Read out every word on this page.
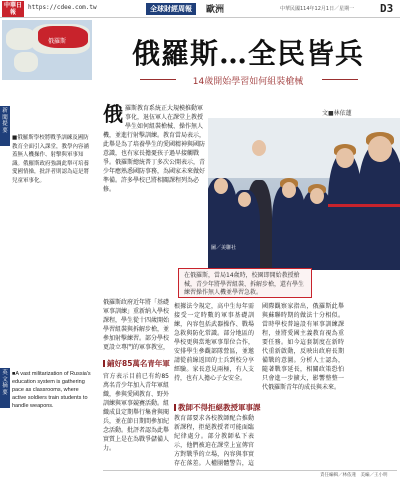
中華日報
https://cdee.com.tw	全球財經周報	歐洲	中華民國114年12月1日／星期一 D3
俄羅斯
新聞提要
■俄羅斯學校將戰爭訓練及國防教育全面引入課堂，教學內容涵蓋無人機操作、射擊與軍事知識。俄羅斯政府強調此舉可培養愛國情操，批評者則認為這是將兒童軍事化。
英文摘要
■A vast militarization of Russia's education system is gathering pace as classrooms, where active soldiers train students to handle weapons.
俄羅斯…全民皆兵
14歲開始學習如何組裝槍械
文■林依蓮
俄羅斯教育系統正大規模推動軍事化，退伍軍人在課堂上教授學生如何組裝槍械、操作無人機，並進行射擊訓練。教育當局表示，此舉是為了培養學生的愛國精神與國防意識，也有家長擔憂孩子過早接觸戰爭。俄羅斯總統普丁多次公開表示，青少年應熟悉國防事務，為國家未來做好準備。許多學校已將相關課程列為必修。
圖／美聯社
在俄羅斯，當局14歲時，校園即開始教授槍械，青少年將學習組裝、拆解步槍，還有學生練習操作無人機並學習急救。
俄羅斯政府近年將「基礎軍事訓練」重新納入學校課程，學生從十四歲開始學習組裝與拆解步槍，並參加射擊練習。部分學校更設立專門的軍事教室，
鋪好85萬名青年軍
官方表示目前已有約85萬名青少年加入青年軍組織，參與愛國教育、野外訓練與軍事競賽活動。組織成員定期舉行集會與閱兵，並在節日期間參加紀念活動。批評者認為此舉實質上是在為戰爭儲備人力。
根據法令規定，高中生每年需接受一定時數的軍事基礎訓練，內容包括武器操作、戰場急救與防化常識。部分地區的學校更與當地軍事單位合作，安排學生參觀部隊營區，並邀請從前線返回的士兵到校分享經驗。家長意見兩極，有人支持，也有人擔心子女安全。
教師不得拒絕教授軍事課
教育部要求各校教師配合推動新課程，拒絕教授者可能面臨紀律處分。部分教師私下表示，他們被迫在課堂上宣傳官方對戰爭的立場，內容與事實存在落差。人權團體警告，這
國際觀察家指出，俄羅斯此舉與蘇聯時期的做法十分相似。當時學校普遍設有軍事訓練課程，並將愛國主義教育視為重要任務。如今這套制度在新時代重新啟動，反映出政府長期備戰的意圖。分析人士認為，隨著戰事延長，相關政策恐怕只會進一步擴大，影響整整一代俄羅斯青年的成長與未來。
責任編輯／林依蓮　美編／王小明
